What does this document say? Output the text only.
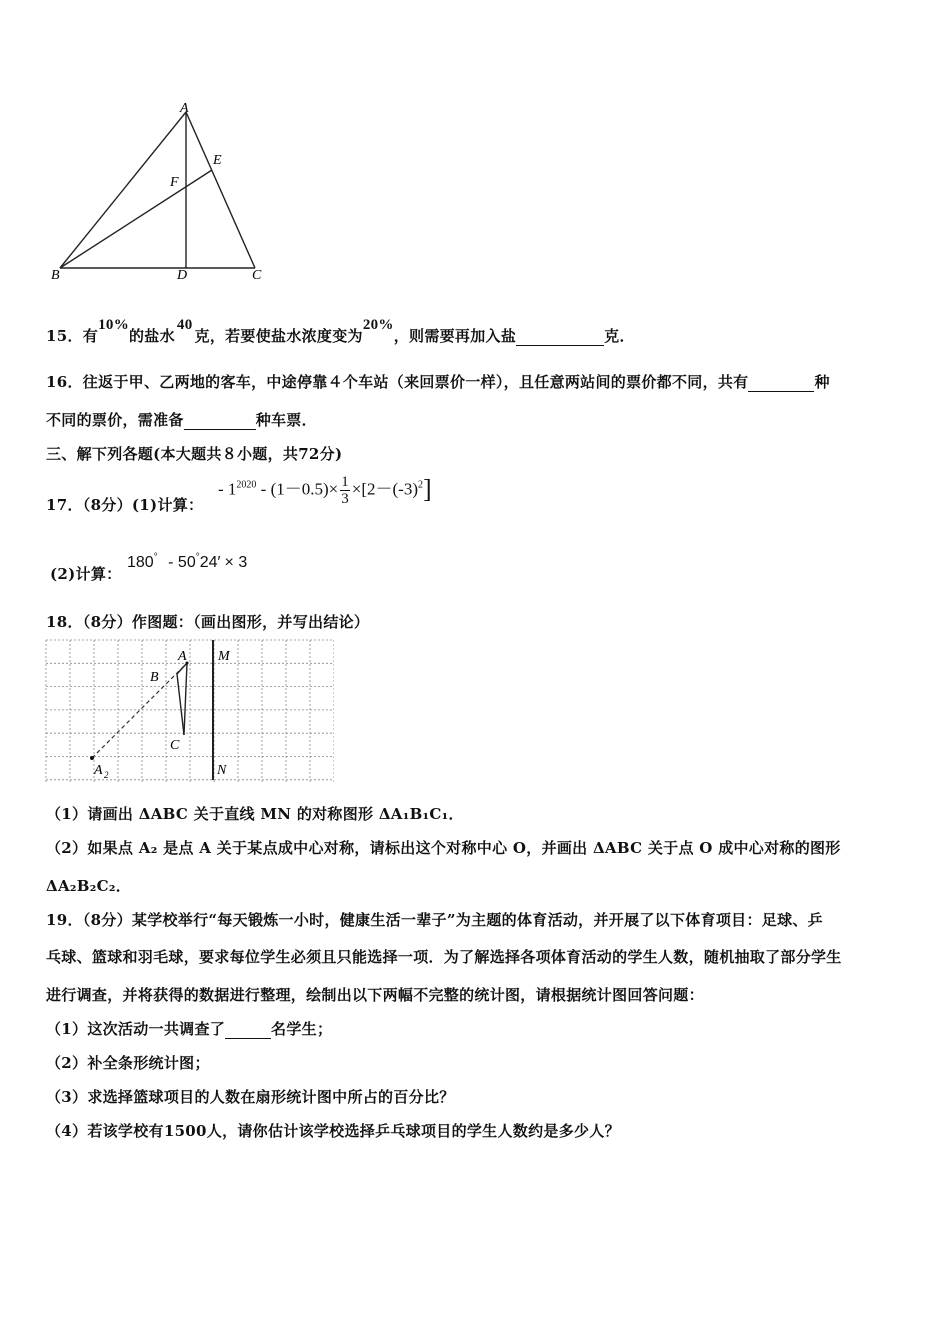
A
B	C
D
E
F
15．有10%的盐水40克，若要使盐水浓度变为20%，则需要再加入盐	克．
16．往返于甲、乙两地的客车，中途停靠４个车站（来回票价一样），且任意两站间的票价都不同，共有	种
不同的票价，需准备	种车票．
三、解下列各题(本大题共８小题，共72分)
17．（8分）(1)计算：
- $1^{2020} - (1-0.5)\times \frac{1}{3} \times[2-(-3)^2]$
(2)计算：
180° - 50°24′ × 3
18．（8分）作图题：（画出图形，并写出结论）
A
B
C
M
N
A 2
（1）请画出 ΔABC 关于直线 MN 的对称图形 ΔA₁B₁C₁．
（2）如果点 A₂ 是点 A 关于某点成中心对称，请标出这个对称中心 O，并画出 ΔABC 关于点 O 成中心对称的图形
ΔA₂B₂C₂．
19．（8分）某学校举行“每天锻炼一小时，健康生活一辈子”为主题的体育活动，并开展了以下体育项目：足球、乒
乓球、篮球和羽毛球，要求每位学生必须且只能选择一项．为了解选择各项体育活动的学生人数，随机抽取了部分学生
进行调查，并将获得的数据进行整理，绘制出以下两幅不完整的统计图，请根据统计图回答问题：
（1）这次活动一共调查了	名学生；
（2）补全条形统计图；
（3）求选择篮球项目的人数在扇形统计图中所占的百分比？
（4）若该学校有1500人，请你估计该学校选择乒乓球项目的学生人数约是多少人？
